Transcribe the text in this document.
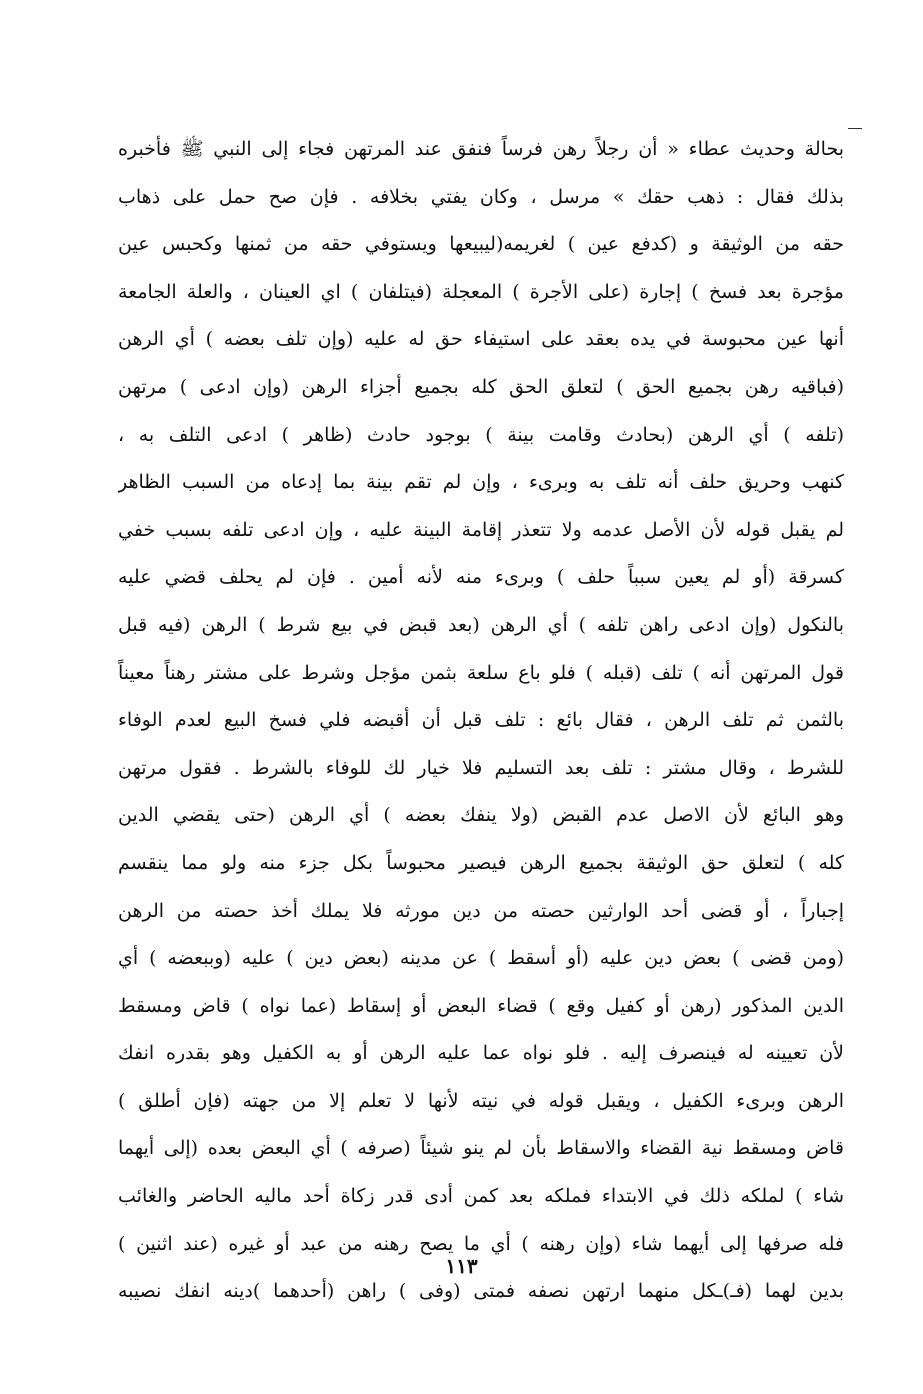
بحالة وحديث عطاء « أن رجلاً رهن فرساً فنفق عند المرتهن فجاء إلى النبي ﷺ فأخبره
بذلك فقال : ذهب حقك » مرسل ، وكان يفتي بخلافه . فإن صح حمل على ذهاب
حقه من الوثيقة و (كدفع عين ) لغريمه(ليبيعها ويستوفي حقه من ثمنها وكحبس عين
مؤجرة بعد فسخ ) إجارة (على الأجرة ) المعجلة (فيتلفان ) اي العينان ، والعلة الجامعة
أنها عين محبوسة في يده بعقد على استيفاء حق له عليه (وإن تلف بعضه ) أي الرهن
(فباقيه رهن بجميع الحق ) لتعلق الحق كله بجميع أجزاء الرهن (وإن ادعى ) مرتهن
(تلفه ) أي الرهن (بحادث وقامت بينة ) بوجود حادث (ظاهر ) ادعى التلف به ،
كنهب وحريق حلف أنه تلف به وبرىء ، وإن لم تقم بينة بما إدعاه من السبب الظاهر
لم يقبل قوله لأن الأصل عدمه ولا تتعذر إقامة البينة عليه ، وإن ادعى تلفه بسبب خفي
كسرقة (أو لم يعين سبباً حلف ) وبرىء منه لأنه أمين . فإن لم يحلف قضي عليه
بالنكول (وإن ادعى راهن تلفه ) أي الرهن (بعد قبض في بيع شرط ) الرهن (فيه قبل
قول المرتهن أنه ) تلف (قبله ) فلو باع سلعة بثمن مؤجل وشرط على مشتر رهناً معيناً
بالثمن ثم تلف الرهن ، فقال بائع : تلف قبل أن أقبضه فلي فسخ البيع لعدم الوفاء
للشرط ، وقال مشتر : تلف بعد التسليم فلا خيار لك للوفاء بالشرط . فقول مرتهن
وهو البائع لأن الاصل عدم القبض (ولا ينفك بعضه ) أي الرهن (حتى يقضي الدين
كله ) لتعلق حق الوثيقة بجميع الرهن فيصير محبوساً بكل جزء منه ولو مما ينقسم
إجباراً ، أو قضى أحد الوارثين حصته من دين مورثه فلا يملك أخذ حصته من الرهن
(ومن قضى ) بعض دين عليه (أو أسقط ) عن مدينه (بعض دين ) عليه (وببعضه ) أي
الدين المذكور (رهن أو كفيل وقع ) قضاء البعض أو إسقاط (عما نواه ) قاض ومسقط
لأن تعيينه له فينصرف إليه . فلو نواه عما عليه الرهن أو به الكفيل وهو بقدره انفك
الرهن وبرىء الكفيل ، ويقبل قوله في نيته لأنها لا تعلم إلا من جهته (فإن أطلق )
قاض ومسقط نية القضاء والاسقاط بأن لم ينو شيئاً (صرفه ) أي البعض بعده (إلى أيهما
شاء ) لملكه ذلك في الابتداء فملكه بعد كمن أدى قدر زكاة أحد ماليه الحاضر والغائب
فله صرفها إلى أيهما شاء (وإن رهنه ) أي ما يصح رهنه من عبد أو غيره (عند اثنين )
بدين لهما (فـ)ـكل منهما ارتهن نصفه فمتى (وفى ) راهن (أحدهما )دينه انفك نصيبه
١١٣
